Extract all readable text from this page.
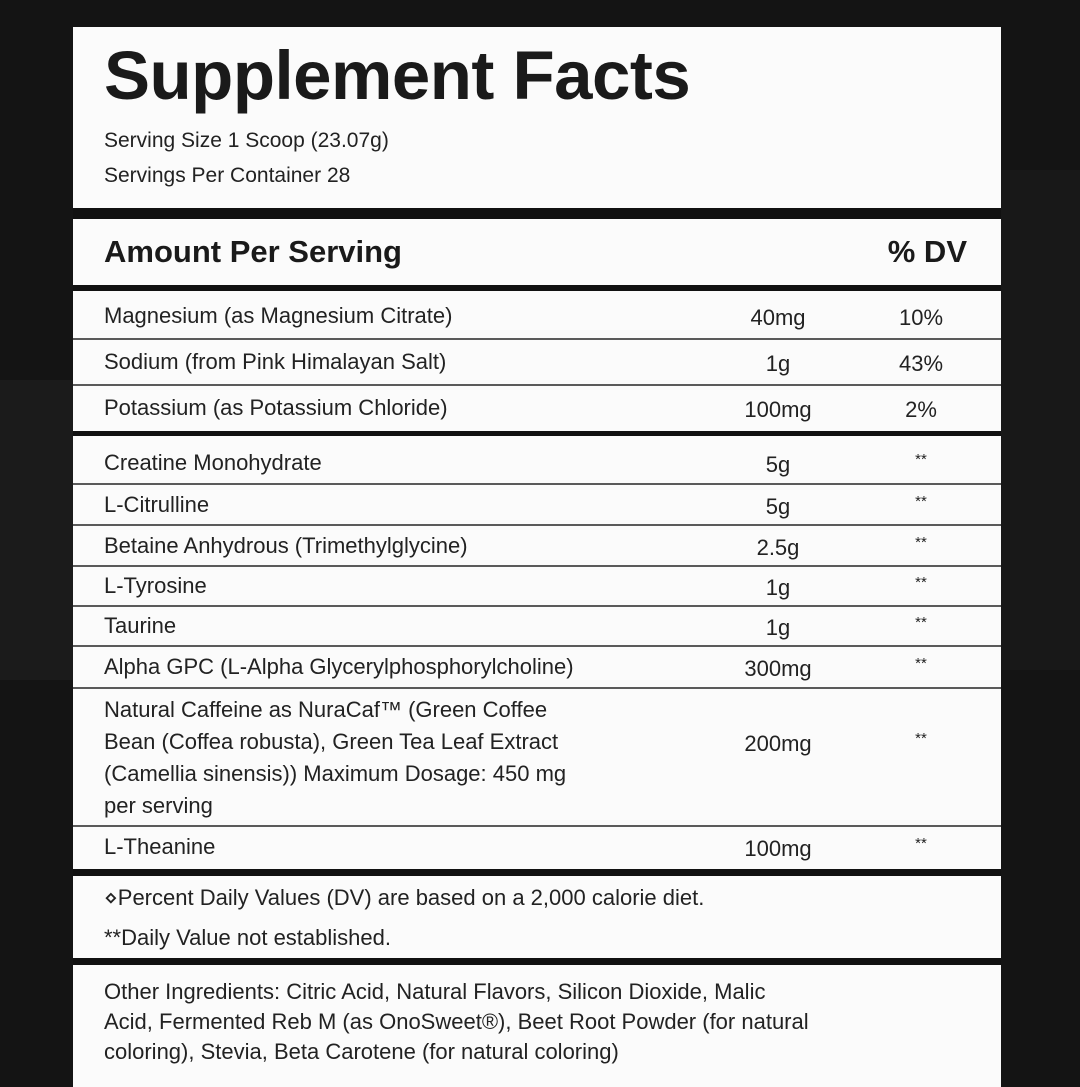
Supplement Facts
Serving Size 1 Scoop (23.07g)
Servings Per Container 28
Amount Per Serving	% DV
Magnesium (as Magnesium Citrate)	40mg	10%
Sodium (from Pink Himalayan Salt)	1g	43%
Potassium (as Potassium Chloride)	100mg	2%
Creatine Monohydrate	5g	**
L-Citrulline	5g	**
Betaine Anhydrous (Trimethylglycine)	2.5g	**
L-Tyrosine	1g	**
Taurine	1g	**
Alpha GPC (L-Alpha Glycerylphosphorylcholine)	300mg	**
Natural Caffeine as NuraCaf™ (Green Coffee
Bean (Coffea robusta), Green Tea Leaf Extract
(Camellia sinensis)) Maximum Dosage: 450 mg
per serving
200mg	**
L-Theanine	100mg	**
⋄Percent Daily Values (DV) are based on a 2,000 calorie diet.
**Daily Value not established.
Other Ingredients: Citric Acid, Natural Flavors, Silicon Dioxide, Malic
Acid, Fermented Reb M (as OnoSweet®), Beet Root Powder (for natural
coloring), Stevia, Beta Carotene (for natural coloring)
